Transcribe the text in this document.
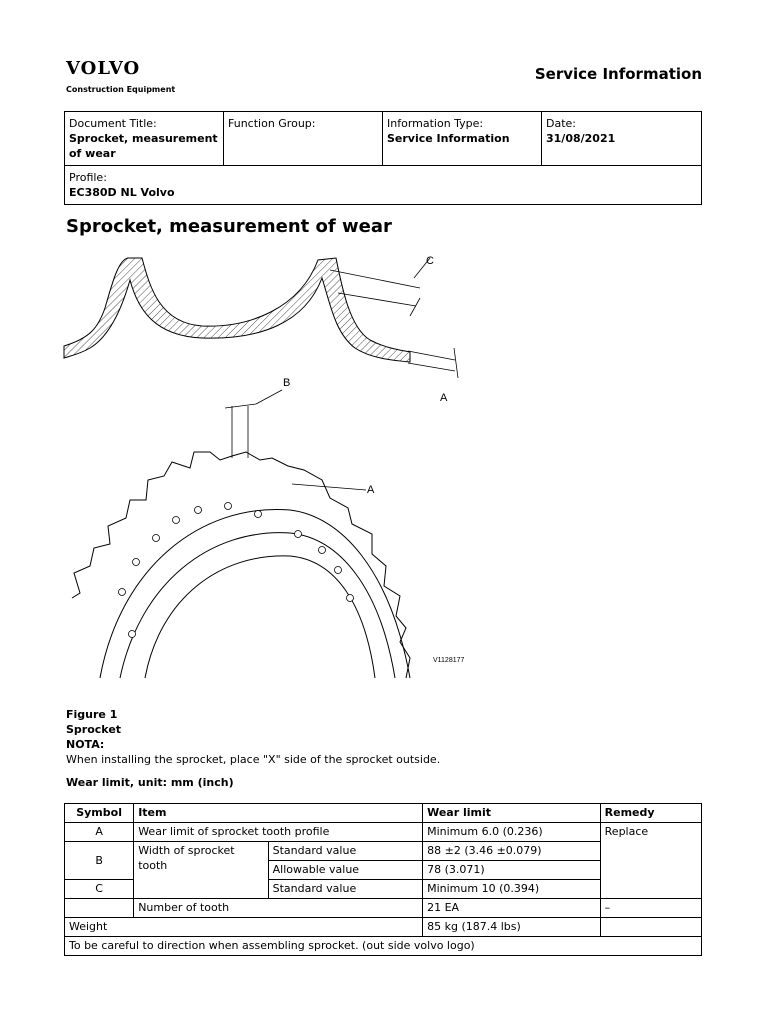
VOLVO
Construction Equipment
Service Information
Document Title:
Sprocket, measurement of wear

Function Group:	Information Type:
Service Information

Date:
31/08/2021

Profile:
EC380D NL Volvo
Sprocket, measurement of wear
C
A
B
A
V1128177
Figure 1
Sprocket
NOTA:
When installing the sprocket, place "X" side of the sprocket outside.
Wear limit, unit: mm (inch)
Symbol	Item		Wear limit	Remedy
A	Wear limit of sprocket tooth profile		Minimum 6.0 (0.236)	Replace
B	Width of sprocket tooth	Standard value	88 ±2 (3.46 ±0.079)	
		Allowable value	78 (3.071)	
C		Standard value	Minimum 10 (0.394)	
	Number of tooth		21 EA	–
Weight			85 kg (187.4 lbs)	
To be careful to direction when assembling sprocket. (out side volvo logo)				
